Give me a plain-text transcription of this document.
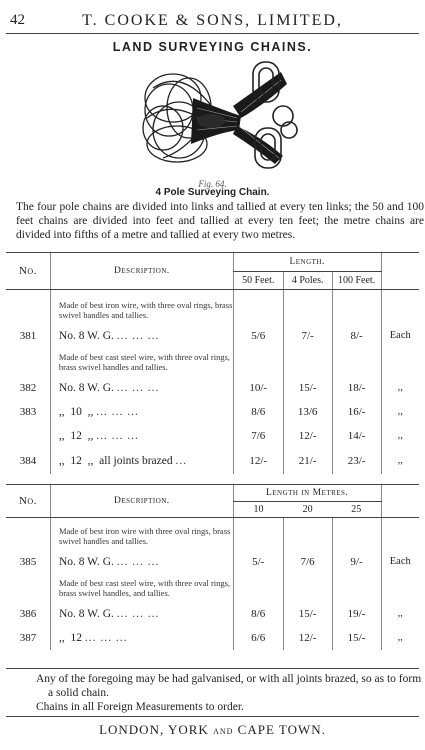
42	T. COOKE & SONS, LIMITED,
LAND SURVEYING CHAINS.
Fig. 64.
4 Pole Surveying Chain.

The four pole chains are divided into links and tallied at every ten links; the 50 and 100 feet chains are divided into feet and tallied at every ten feet; the metre chains are divided into fifths of a metre and tallied at every two metres.

No.	Description.	Length.			
		50 Feet.	4 Poles.	100 Feet.	
	Made of best iron wire, with three oval rings, brass swivel handles and tallies.				
381	No. 8 W. G. ... ... ...	5/6	7/-	8/-	Each
	Made of best cast steel wire, with three oval rings, brass swivel handles and tallies.				
382	No. 8 W. G. ... ... ...	10/-	15/-	18/-	,,
383	,,  10  ,, ... ... ...	8/6	13/6	16/-	,,
	,,  12  ,, ... ... ...	7/6	12/-	14/-	,,
384	,,  12  ,, all joints brazed ...	12/-	21/-	23/-	,,
No.	Description.	Length in Metres.			
		10	20	25	
	Made of best iron wire with three oval rings, brass swivel handles and tallies.				
385	No. 8 W. G. ... ... ...	5/-	7/6	9/-	Each
	Made of best cast steel wire, with three oval rings, brass swivel handles, and tallies.				
386	No. 8 W. G. ... ... ...	8/6	15/-	19/-	,,
387	,,  12 ... ... ...	6/6	12/-	15/-	,,

Any of the foregoing may be had galvanised, or with all joints brazed, so as to form a solid chain.

Chains in all Foreign Measurements to order.

LONDON, YORK and CAPE TOWN.
